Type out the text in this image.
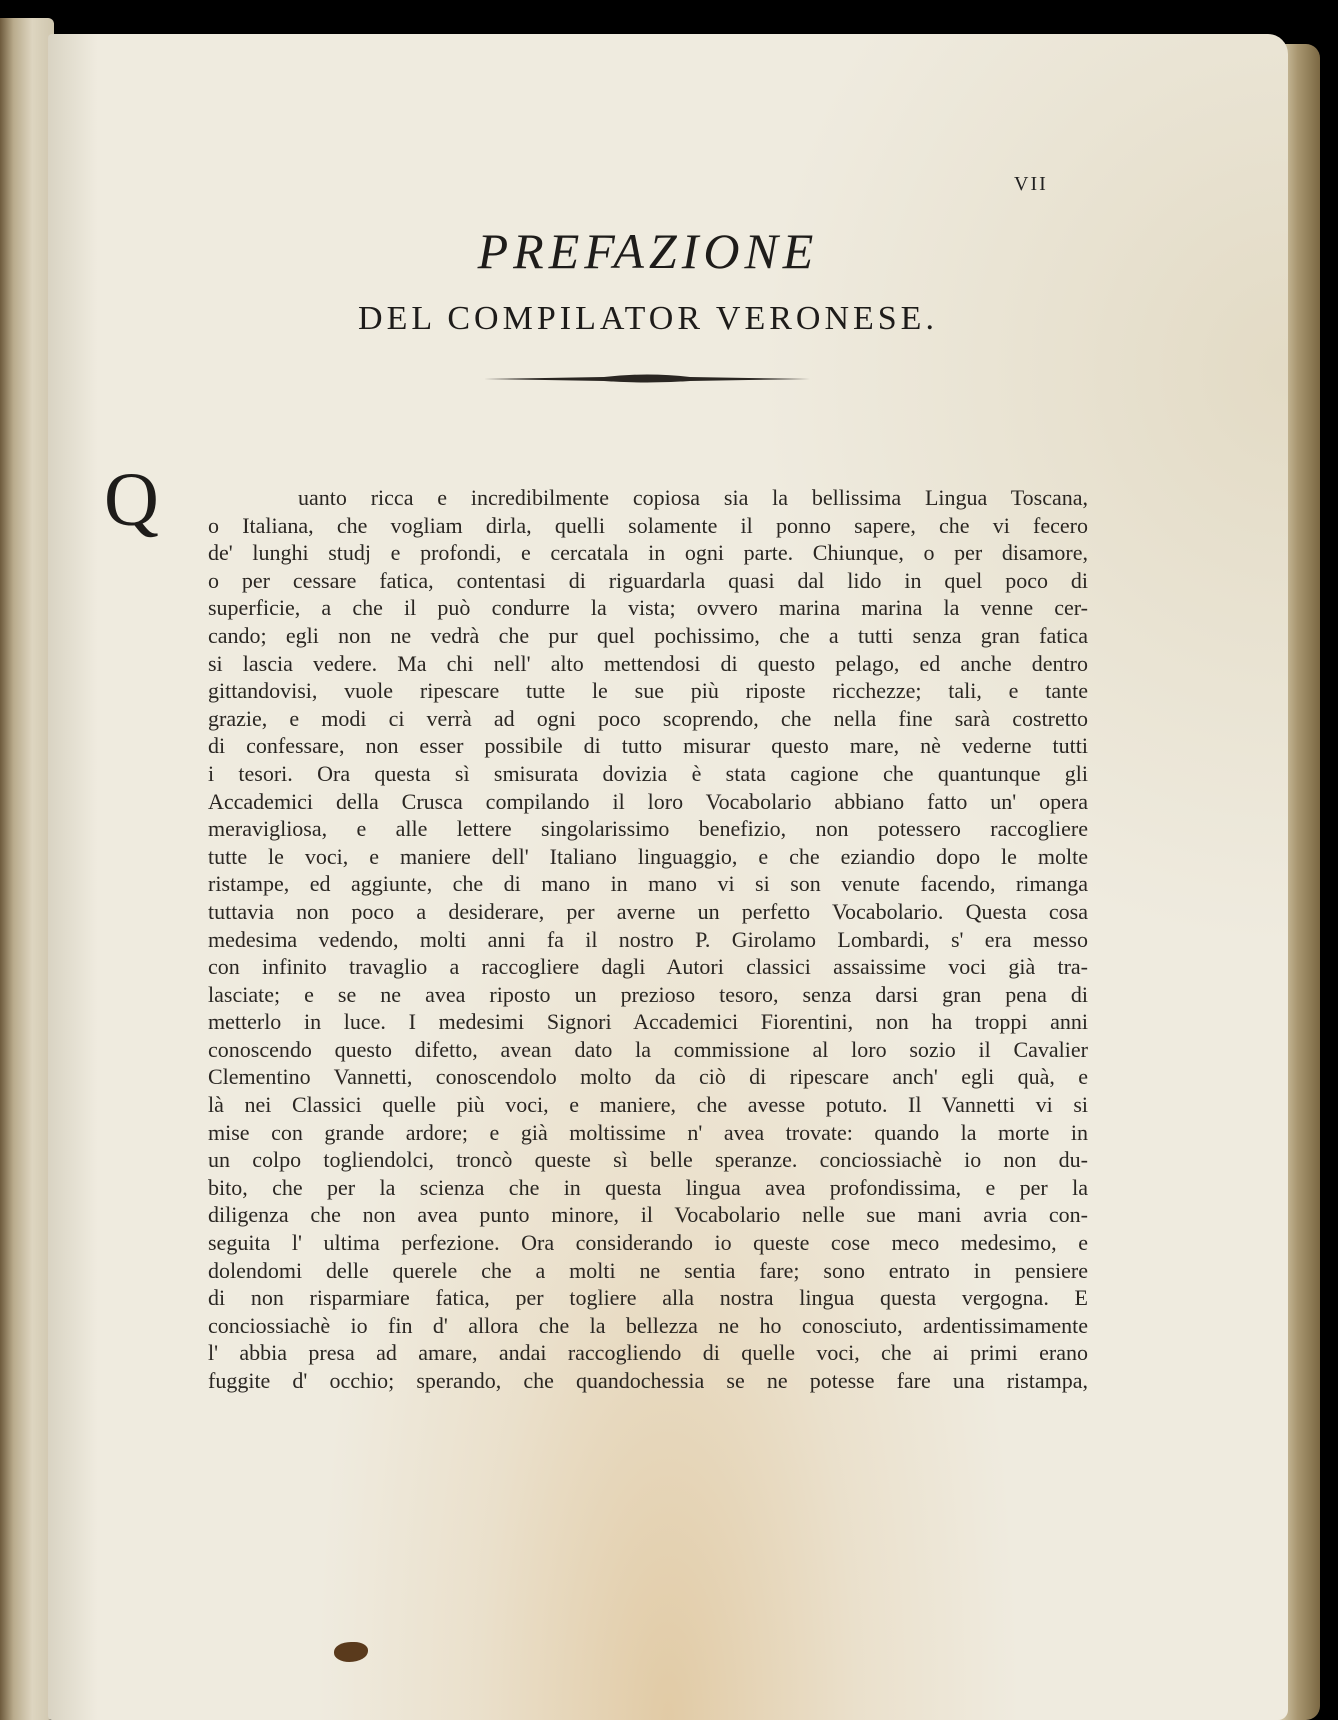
VII
PREFAZIONE
DEL COMPILATOR VERONESE.
Q	uanto ricca e incredibilmente copiosa sia la bellissima Lingua Toscana,
o Italiana, che vogliam dirla, quelli solamente il ponno sapere, che vi fecero
de' lunghi studj e profondi, e cercatala in ogni parte. Chiunque, o per disamore,
o per cessare fatica, contentasi di riguardarla quasi dal lido in quel poco di
superficie, a che il può condurre la vista; ovvero marina marina la venne cer-
cando; egli non ne vedrà che pur quel pochissimo, che a tutti senza gran fatica
si lascia vedere. Ma chi nell' alto mettendosi di questo pelago, ed anche dentro
gittandovisi, vuole ripescare tutte le sue più riposte ricchezze; tali, e tante
grazie, e modi ci verrà ad ogni poco scoprendo, che nella fine sarà costretto
di confessare, non esser possibile di tutto misurar questo mare, nè vederne tutti
i tesori. Ora questa sì smisurata dovizia è stata cagione che quantunque gli
Accademici della Crusca compilando il loro Vocabolario abbiano fatto un' opera
meravigliosa, e alle lettere singolarissimo benefizio, non potessero raccogliere
tutte le voci, e maniere dell' Italiano linguaggio, e che eziandio dopo le molte
ristampe, ed aggiunte, che di mano in mano vi si son venute facendo, rimanga
tuttavia non poco a desiderare, per averne un perfetto Vocabolario. Questa cosa
medesima vedendo, molti anni fa il nostro P. Girolamo Lombardi, s' era messo
con infinito travaglio a raccogliere dagli Autori classici assaissime voci già tra-
lasciate; e se ne avea riposto un prezioso tesoro, senza darsi gran pena di
metterlo in luce. I medesimi Signori Accademici Fiorentini, non ha troppi anni
conoscendo questo difetto, avean dato la commissione al loro sozio il Cavalier
Clementino Vannetti, conoscendolo molto da ciò di ripescare anch' egli quà, e
là nei Classici quelle più voci, e maniere, che avesse potuto. Il Vannetti vi si
mise con grande ardore; e già moltissime n' avea trovate: quando la morte in
un colpo togliendolci, troncò queste sì belle speranze. conciossiachè io non du-
bito, che per la scienza che in questa lingua avea profondissima, e per la
diligenza che non avea punto minore, il Vocabolario nelle sue mani avria con-
seguita l' ultima perfezione. Ora considerando io queste cose meco medesimo, e
dolendomi delle querele che a molti ne sentia fare; sono entrato in pensiere
di non risparmiare fatica, per togliere alla nostra lingua questa vergogna. E
conciossiachè io fin d' allora che la bellezza ne ho conosciuto, ardentissimamente
l' abbia presa ad amare, andai raccogliendo di quelle voci, che ai primi erano
fuggite d' occhio; sperando, che quandochessia se ne potesse fare una ristampa,
